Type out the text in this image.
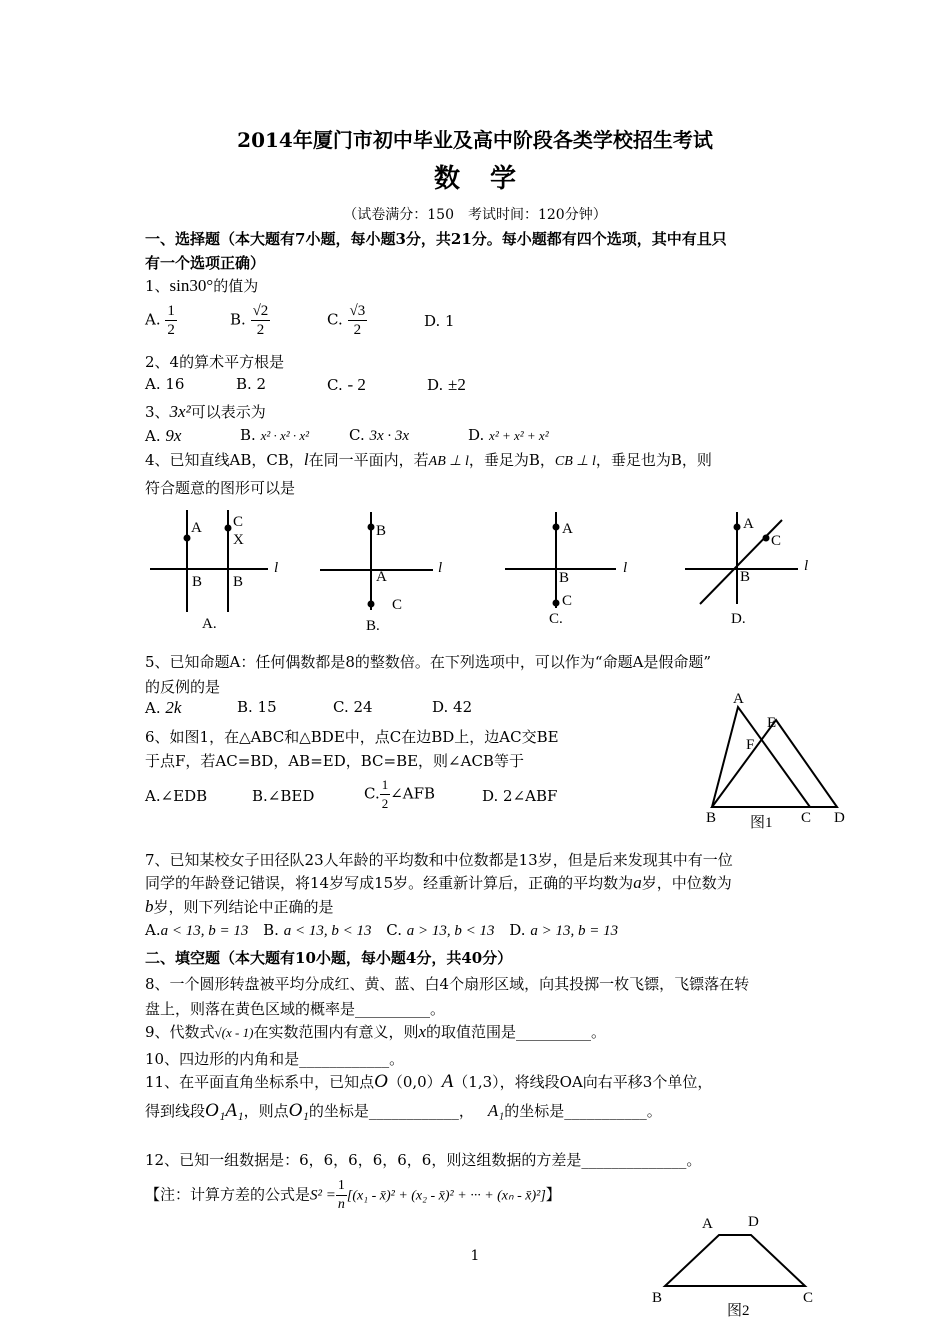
2014年厦门市初中毕业及高中阶段各类学校招生考试
数学
（试卷满分：150　考试时间：120分钟）
一、选择题（本大题有7小题，每小题3分，共21分。每小题都有四个选项，其中有且只
有一个选项正确）
1、sin30°的值为
A. $\frac{1}{2}$	B. $\frac{√2}{2}$	C. $\frac{√3}{2}$	D. 1
2、4的算术平方根是
A. 16	B. 2	C. - 2	D. ±2
3、3x²可以表示为
A. 9x	B. x² · x² · x²	C. 3x · 3x	D. x² + x² + x²
4、已知直线AB，CB，l在同一平面内，若AB ⊥ l，垂足为B，CB ⊥ l，垂足也为B，则
符合题意的图形可以是
A C
X
B B
l
A.
B
A
C
l
B.
A
B
C
l
C.
A
C
B
l
D.
5、已知命题A：任何偶数都是8的整数倍。在下列选项中，可以作为“命题A是假命题”
的反例的是
A. 2k	B. 15	C. 24	D. 42
6、如图1，在△ABC和△BDE中，点C在边BD上，边AC交BE
于点F，若AC=BD，AB=ED，BC=BE，则∠ACB等于
A.∠EDB	B.∠BED	C. $\frac{1}{2}$ ∠AFB	D. 2∠ABF
A
E
F
B	C D
图1
7、已知某校女子田径队23人年龄的平均数和中位数都是13岁，但是后来发现其中有一位
同学的年龄登记错误，将14岁写成15岁。经重新计算后，正确的平均数为a岁，中位数为
b岁，则下列结论中正确的是
A.a < 13, b = 13 B. a < 13, b < 13 C. a > 13, b < 13 D. a > 13, b = 13
二、填空题（本大题有10小题，每小题4分，共40分）
8、一个圆形转盘被平均分成红、黄、蓝、白4个扇形区域，向其投掷一枚飞镖，飞镖落在转
盘上，则落在黄色区域的概率是__________。
9、代数式√(x - 1)在实数范围内有意义，则x的取值范围是__________。
10、四边形的内角和是____________。
11、在平面直角坐标系中，已知点O（0,0）A（1,3），将线段OA向右平移3个单位，
得到线段O₁A₁，则点O₁的坐标是____________， A₁的坐标是___________。
12、已知一组数据是：6，6，6，6，6，6，则这组数据的方差是______________。
【注：计算方差的公式是$S^2 = \frac{1}{n} [(x_1$ - x̄)² + (x₂ - x̄)² + ··· + (xₙ - x̄)²]】
A D
B	C
图2
1
